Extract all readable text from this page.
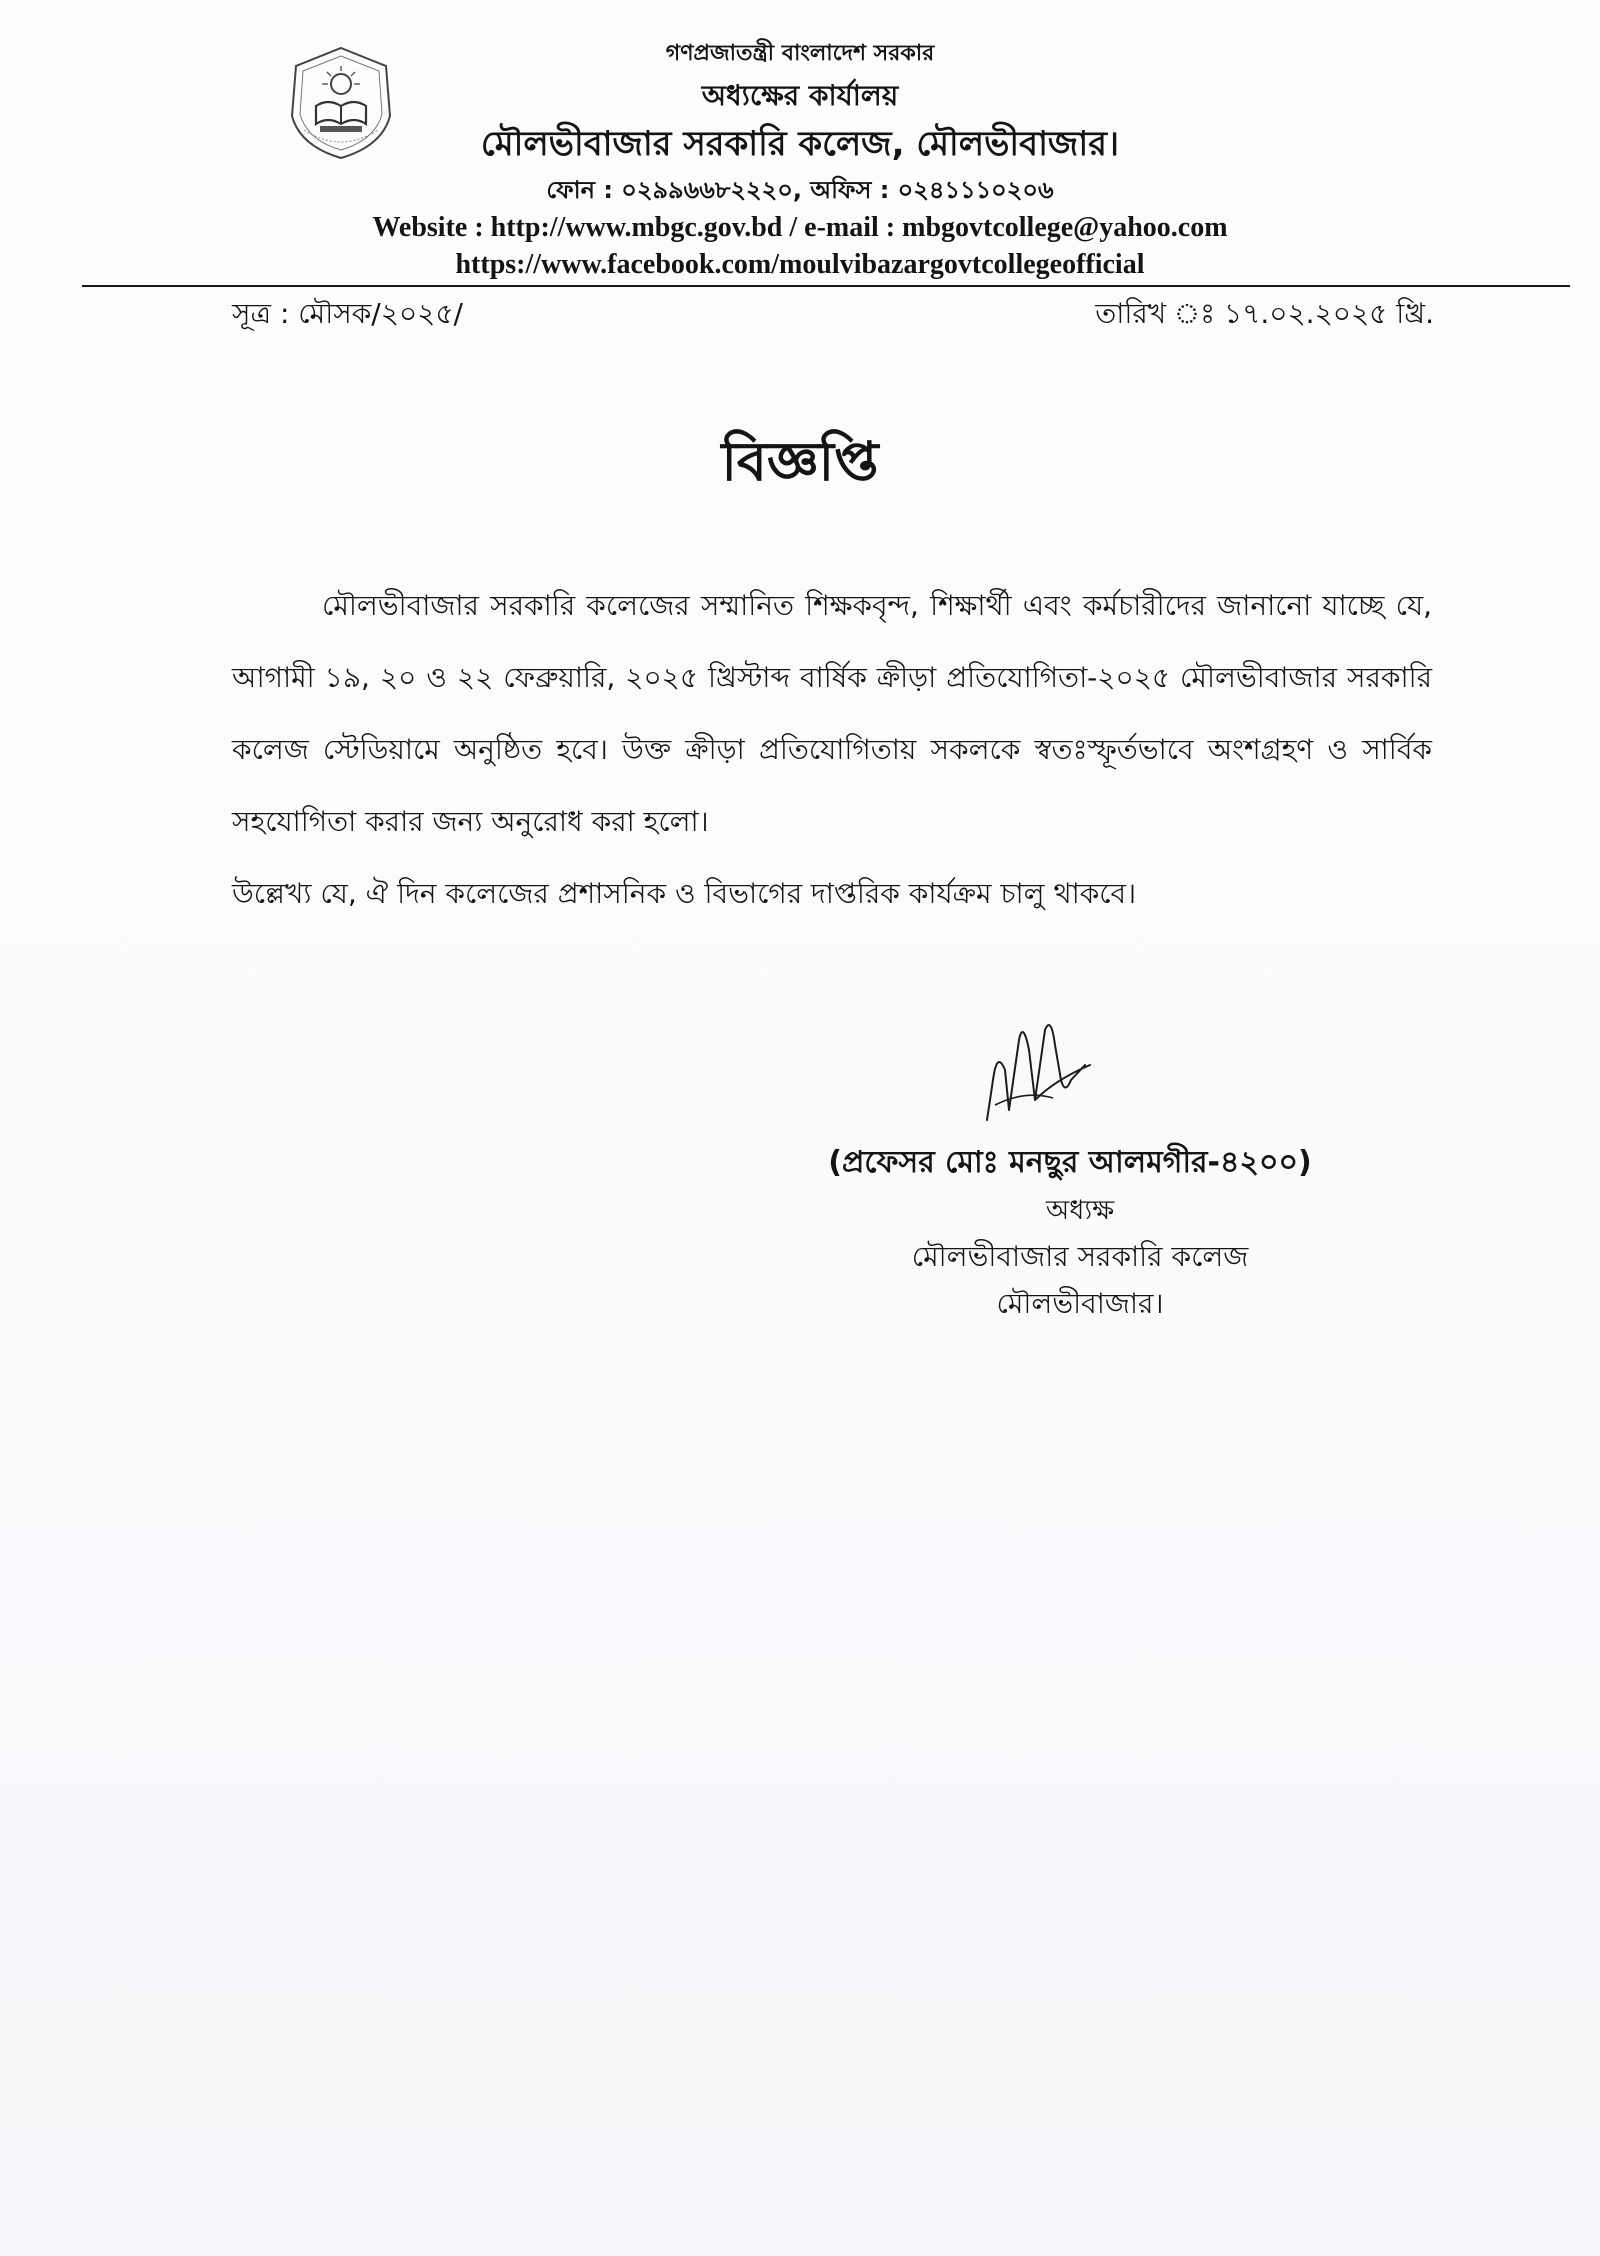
গণপ্রজাতন্ত্রী বাংলাদেশ সরকার
অধ্যক্ষের কার্যালয়
মৌলভীবাজার সরকারি কলেজ, মৌলভীবাজার।
ফোন : ০২৯৯৬৬৮২২২০, অফিস : ০২৪১১১০২০৬
Website : http://www.mbgc.gov.bd / e-mail : mbgovtcollege@yahoo.com
https://www.facebook.com/moulvibazargovtcollegeofficial
সূত্র : মৌসক/২০২৫/	তারিখ ঃ ১৭.০২.২০২৫ খ্রি.
বিজ্ঞপ্তি

মৌলভীবাজার সরকারি কলেজের সম্মানিত শিক্ষকবৃন্দ, শিক্ষার্থী এবং কর্মচারীদের জানানো যাচ্ছে যে, আগামী ১৯, ২০ ও ২২ ফেব্রুয়ারি, ২০২৫ খ্রিস্টাব্দ বার্ষিক ক্রীড়া প্রতিযোগিতা-২০২৫ মৌলভীবাজার সরকারি কলেজ স্টেডিয়ামে অনুষ্ঠিত হবে। উক্ত ক্রীড়া প্রতিযোগিতায় সকলকে স্বতঃস্ফূর্তভাবে অংশগ্রহণ ও সার্বিক সহযোগিতা করার জন্য অনুরোধ করা হলো।

উল্লেখ্য যে, ঐ দিন কলেজের প্রশাসনিক ও বিভাগের দাপ্তরিক কার্যক্রম চালু থাকবে।

(প্রফেসর মোঃ মনছুর আলমগীর-৪২০০)
অধ্যক্ষ
মৌলভীবাজার সরকারি কলেজ
মৌলভীবাজার।
